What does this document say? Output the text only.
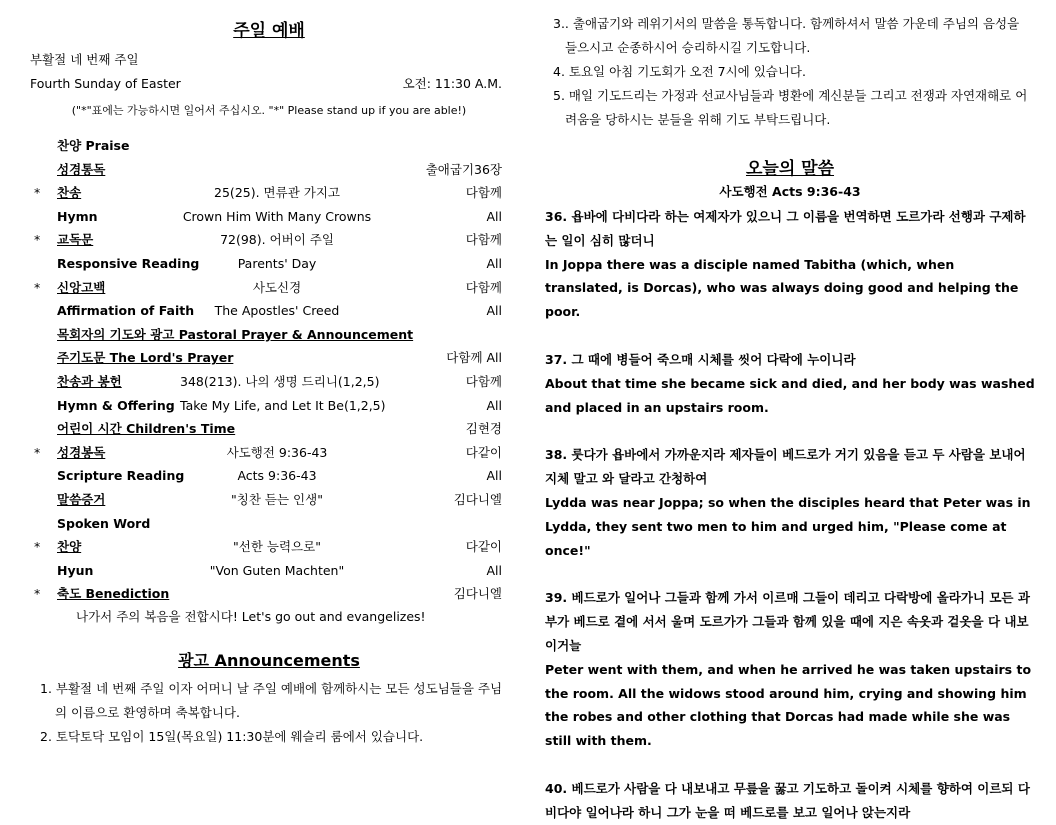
주일 예배
부활절 네 번째 주일
Fourth Sunday of Easter	오전: 11:30 A.M.
("*"표에는 가능하시면 일어서 주십시오. "*" Please stand up if you are able!)
찬양 Praise
성경통독	출애굽기36장
* 찬송	25(25). 면류관 가지고	다함께
Hymn	Crown Him With Many Crowns	All
* 교독문	72(98). 어버이 주일	다함께
Responsive Reading	Parents' Day	All
* 신앙고백	사도신경	다함께
Affirmation of Faith	The Apostles' Creed	All
목회자의 기도와 광고 Pastoral Prayer & Announcement
주기도문 The Lord's Prayer	다함께 All
찬송과 봉헌	348(213). 나의 생명 드리니(1,2,5)	다함께
Hymn & Offering Take My Life, and Let It Be(1,2,5)	All
어린이 시간 Children's Time	김현경
* 성경봉독	사도행전 9:36-43	다같이
Scripture Reading	Acts 9:36-43	All
말씀증거	"칭찬 듣는 인생"	김다니엘
Spoken Word
* 찬양	"선한 능력으로"	다같이
Hyun	"Von Guten Machten"	All
* 축도 Benediction	김다니엘
나가서 주의 복음을 전합시다! Let's go out and evangelizes!
광고 Announcements
1. 부활절 네 번째 주일 이자 어머니 날 주일 예배에 함께하시는 모든 성도님들을 주님의 이름으로 환영하며 축복합니다.
2. 토닥토닥 모임이 15일(목요일) 11:30분에 웨슬리 룸에서 있습니다.
3.. 출애굽기와 레위기서의 말씀을 통독합니다. 함께하셔서 말씀 가운데 주님의 음성을 들으시고 순종하시어 승리하시길 기도합니다.
4. 토요일 아침 기도회가 오전 7시에 있습니다.
5. 매일 기도드리는 가정과 선교사님들과 병환에 계신분들 그리고 전쟁과 자연재해로 어려움을 당하시는 분들을 위해 기도 부탁드립니다.
오늘의 말씀
사도행전 Acts 9:36-43
36. 욥바에 다비다라 하는 여제자가 있으니 그 이름을 번역하면 도르가라 선행과 구제하는 일이 심히 많더니
In Joppa there was a disciple named Tabitha (which, when translated, is Dorcas), who was always doing good and helping the poor.
37. 그 때에 병들어 죽으매 시체를 씻어 다락에 누이니라
About that time she became sick and died, and her body was washed and placed in an upstairs room.
38. 룻다가 욥바에서 가까운지라 제자들이 베드로가 거기 있음을 듣고 두 사람을 보내어 지체 말고 와 달라고 간청하여
Lydda was near Joppa; so when the disciples heard that Peter was in Lydda, they sent two men to him and urged him, "Please come at once!"
39. 베드로가 일어나 그들과 함께 가서 이르매 그들이 데리고 다락방에 올라가니 모든 과부가 베드로 곁에 서서 울며 도르가가 그들과 함께 있을 때에 지은 속옷과 겉옷을 다 내보이거늘
Peter went with them, and when he arrived he was taken upstairs to the room. All the widows stood around him, crying and showing him the robes and other clothing that Dorcas had made while she was still with them.
40. 베드로가 사람을 다 내보내고 무릎을 꿇고 기도하고 돌이켜 시체를 향하여 이르되 다비다야 일어나라 하니 그가 눈을 떠 베드로를 보고 일어나 앉는지라
